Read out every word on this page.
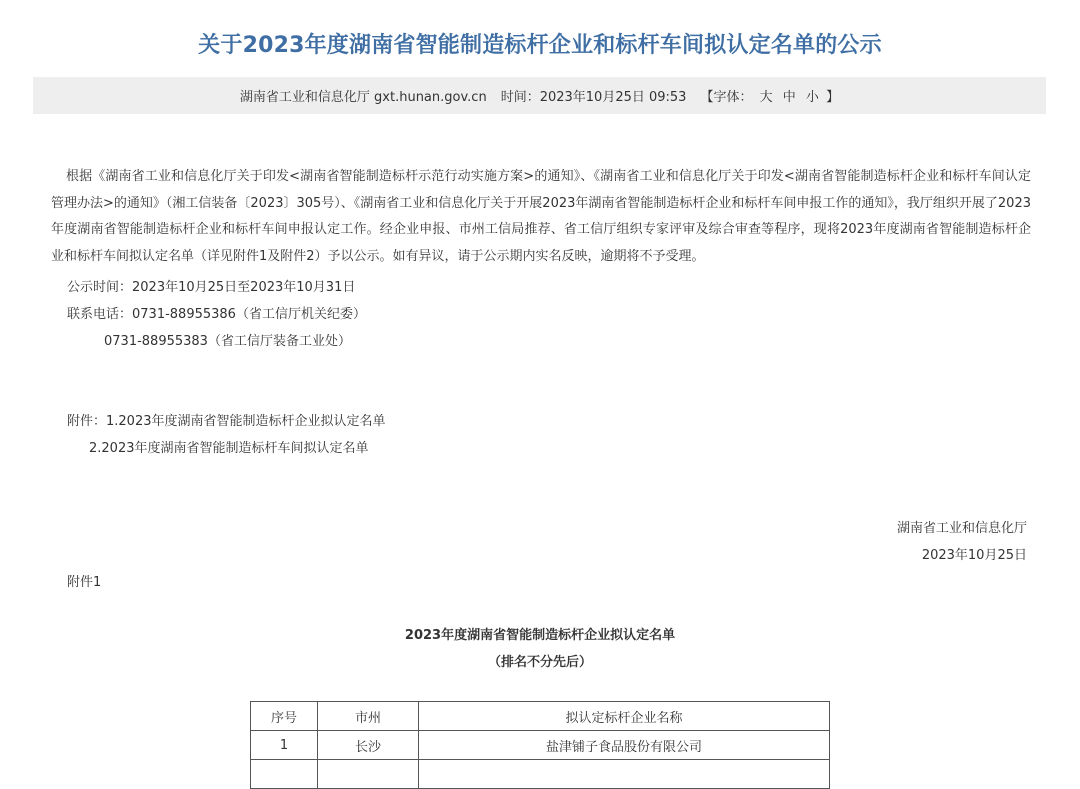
关于2023年度湖南省智能制造标杆企业和标杆车间拟认定名单的公示
湖南省工业和信息化厅 gxt.hunan.gov.cn 时间：2023年10月25日 09:53 【字体： 大 中 小 】
根据《湖南省工业和信息化厅关于印发<湖南省智能制造标杆示范行动实施方案>的通知》、《湖南省工业和信息化厅关于印发<湖南省智能制造标杆企业和标杆车间认定管理办法>的通知》（湘工信装备〔2023〕305号）、《湖南省工业和信息化厅关于开展2023年湖南省智能制造标杆企业和标杆车间申报工作的通知》，我厅组织开展了2023年度湖南省智能制造标杆企业和标杆车间申报认定工作。经企业申报、市州工信局推荐、省工信厅组织专家评审及综合审查等程序，现将2023年度湖南省智能制造标杆企业和标杆车间拟认定名单（详见附件1及附件2）予以公示。如有异议，请于公示期内实名反映，逾期将不予受理。
公示时间：2023年10月25日至2023年10月31日
联系电话：0731-88955386（省工信厅机关纪委）
0731-88955383（省工信厅装备工业处）
附件：1.2023年度湖南省智能制造标杆企业拟认定名单
2.2023年度湖南省智能制造标杆车间拟认定名单
湖南省工业和信息化厅
2023年10月25日
附件1
2023年度湖南省智能制造标杆企业拟认定名单
（排名不分先后）
序号	市州	拟认定标杆企业名称
1	长沙	盐津铺子食品股份有限公司
